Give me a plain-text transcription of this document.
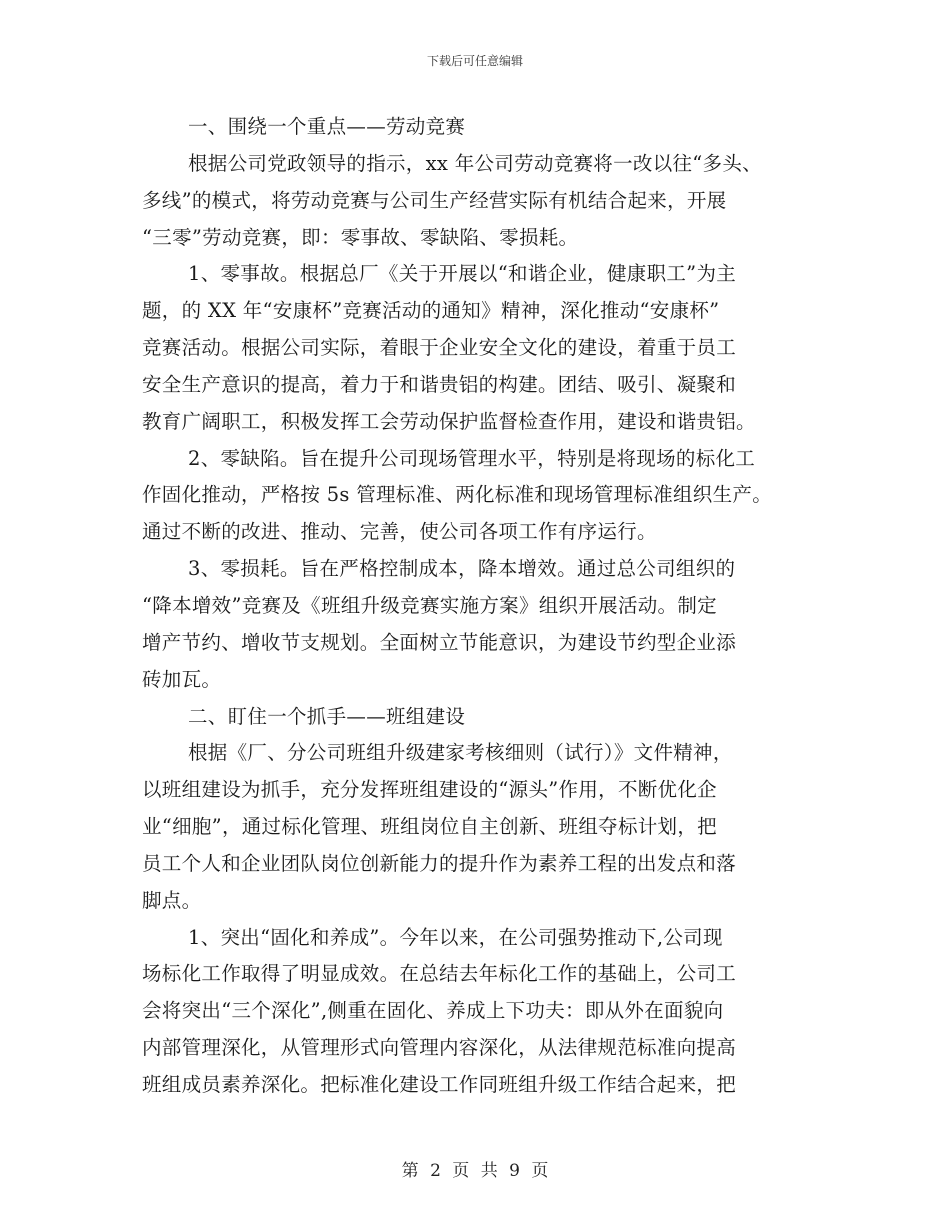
下载后可任意编辑
一、围绕一个重点——劳动竞赛
根据公司党政领导的指示，xx 年公司劳动竞赛将一改以往“多头、
多线”的模式，将劳动竞赛与公司生产经营实际有机结合起来，开展
“三零”劳动竞赛，即：零事故、零缺陷、零损耗。
1、零事故。根据总厂《关于开展以“和谐企业，健康职工”为主
题，的 XX 年“安康杯”竞赛活动的通知》精神，深化推动“安康杯”
竞赛活动。根据公司实际，着眼于企业安全文化的建设，着重于员工
安全生产意识的提高，着力于和谐贵铝的构建。团结、吸引、凝聚和
教育广阔职工，积极发挥工会劳动保护监督检查作用，建设和谐贵铝。
2、零缺陷。旨在提升公司现场管理水平，特别是将现场的标化工
作固化推动，严格按 5s 管理标准、两化标准和现场管理标准组织生产。
通过不断的改进、推动、完善，使公司各项工作有序运行。
3、零损耗。旨在严格控制成本，降本增效。通过总公司组织的
“降本增效”竞赛及《班组升级竞赛实施方案》组织开展活动。制定
增产节约、增收节支规划。全面树立节能意识，为建设节约型企业添
砖加瓦。
二、盯住一个抓手——班组建设
根据《厂、分公司班组升级建家考核细则（试行）》文件精神，
以班组建设为抓手，充分发挥班组建设的“源头”作用，不断优化企
业“细胞”，通过标化管理、班组岗位自主创新、班组夺标计划，把
员工个人和企业团队岗位创新能力的提升作为素养工程的出发点和落
脚点。
1、突出“固化和养成”。今年以来，在公司强势推动下,公司现
场标化工作取得了明显成效。在总结去年标化工作的基础上，公司工
会将突出“三个深化”,侧重在固化、养成上下功夫：即从外在面貌向
内部管理深化，从管理形式向管理内容深化，从法律规范标准向提高
班组成员素养深化。把标准化建设工作同班组升级工作结合起来，把
第 2 页 共 9 页
